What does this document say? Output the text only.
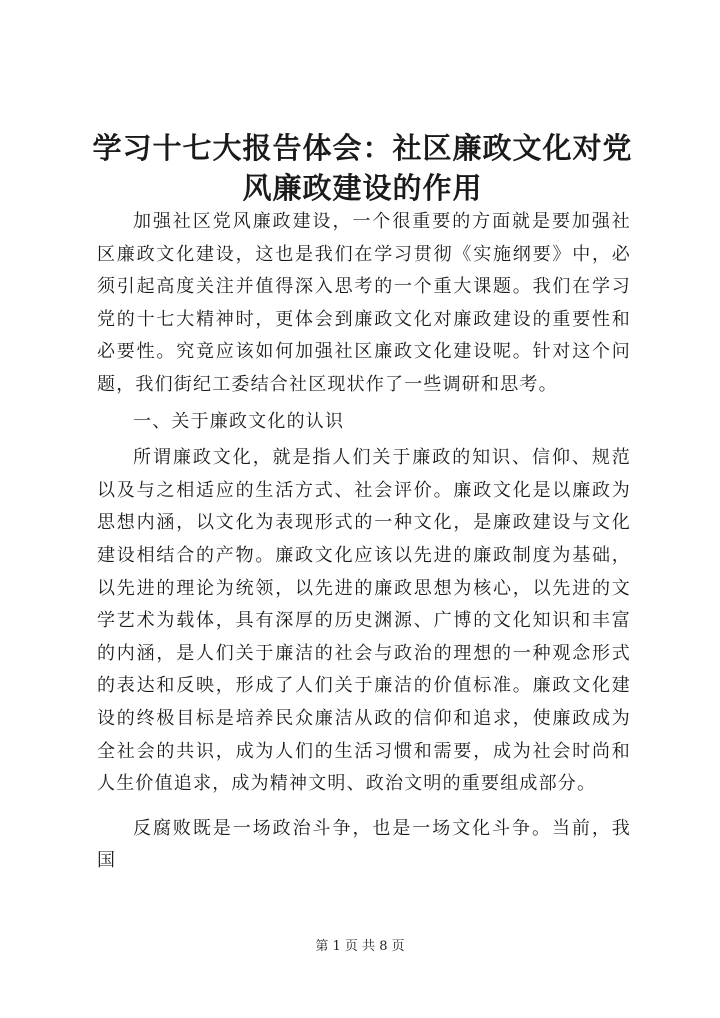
学习十七大报告体会：社区廉政文化对党风廉政建设的作用

加强社区党风廉政建设，一个很重要的方面就是要加强社区廉政文化建设，这也是我们在学习贯彻《实施纲要》中，必须引起高度关注并值得深入思考的一个重大课题。我们在学习党的十七大精神时，更体会到廉政文化对廉政建设的重要性和必要性。究竟应该如何加强社区廉政文化建设呢。针对这个问题，我们街纪工委结合社区现状作了一些调研和思考。

一、关于廉政文化的认识

所谓廉政文化，就是指人们关于廉政的知识、信仰、规范以及与之相适应的生活方式、社会评价。廉政文化是以廉政为思想内涵，以文化为表现形式的一种文化，是廉政建设与文化建设相结合的产物。廉政文化应该以先进的廉政制度为基础，以先进的理论为统领，以先进的廉政思想为核心，以先进的文学艺术为载体，具有深厚的历史渊源、广博的文化知识和丰富的内涵，是人们关于廉洁的社会与政治的理想的一种观念形式的表达和反映，形成了人们关于廉洁的价值标准。廉政文化建设的终极目标是培养民众廉洁从政的信仰和追求，使廉政成为全社会的共识，成为人们的生活习惯和需要，成为社会时尚和人生价值追求，成为精神文明、政治文明的重要组成部分。

反腐败既是一场政治斗争，也是一场文化斗争。当前，我国

第 1 页 共 8 页
